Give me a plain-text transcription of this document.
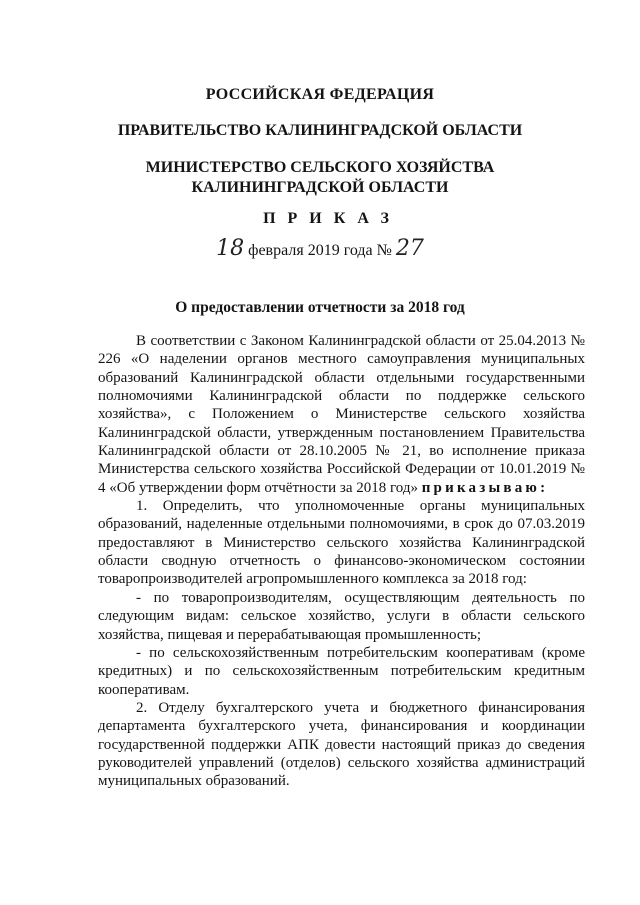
РОССИЙСКАЯ ФЕДЕРАЦИЯ
ПРАВИТЕЛЬСТВО КАЛИНИНГРАДСКОЙ ОБЛАСТИ
МИНИСТЕРСТВО СЕЛЬСКОГО ХОЗЯЙСТВА
КАЛИНИНГРАДСКОЙ ОБЛАСТИ
ПРИКАЗ
18 февраля 2019 года № 27
О предоставлении отчетности за 2018 год

В соответствии с Законом Калининградской области от 25.04.2013 № 226 «О наделении органов местного самоуправления муниципальных образований Калининградской области отдельными государственными полномочиями Калининградской области по поддержке сельского хозяйства», с Положением о Министерстве сельского хозяйства Калининградской области, утвержденным постановлением Правительства Калининградской области от 28.10.2005 № 21, во исполнение приказа Министерства сельского хозяйства Российской Федерации от 10.01.2019 № 4 «Об утверждении форм отчётности за 2018 год» приказываю:

1. Определить, что уполномоченные органы муниципальных образований, наделенные отдельными полномочиями, в срок до 07.03.2019 предоставляют в Министерство сельского хозяйства Калининградской области сводную отчетность о финансово-экономическом состоянии товаропроизводителей агропромышленного комплекса за 2018 год:

- по товаропроизводителям, осуществляющим деятельность по следующим видам: сельское хозяйство, услуги в области сельского хозяйства, пищевая и перерабатывающая промышленность;

- по сельскохозяйственным потребительским кооперативам (кроме кредитных) и по сельскохозяйственным потребительским кредитным кооперативам.

2. Отделу бухгалтерского учета и бюджетного финансирования департамента бухгалтерского учета, финансирования и координации государственной поддержки АПК довести настоящий приказ до сведения руководителей управлений (отделов) сельского хозяйства администраций муниципальных образований.
